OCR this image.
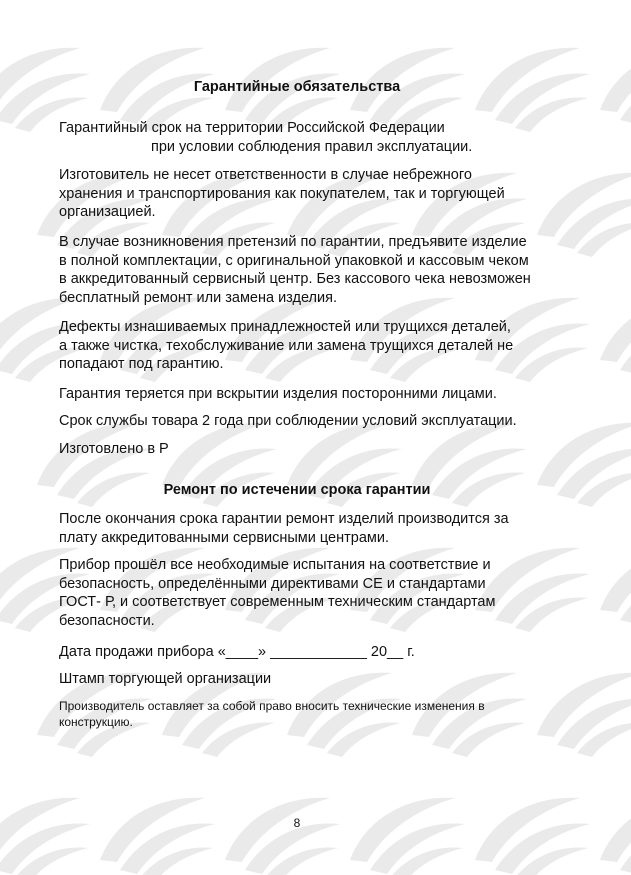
Гарантийные обязательства

Гарантийный срок на территории Российской Федерации
при условии соблюдения правил эксплуатации.

Изготовитель не несет ответственности в случае небрежного
хранения и транспортирования как покупателем, так и торгующей
организацией.

В случае возникновения претензий по гарантии, предъявите изделие
в полной комплектации, с оригинальной упаковкой и кассовым чеком
в аккредитованный сервисный центр. Без кассового чека невозможен
бесплатный ремонт или замена изделия.

Дефекты изнашиваемых принадлежностей или трущихся деталей,
а также чистка, техобслуживание или замена трущихся деталей не
попадают под гарантию.

Гарантия теряется при вскрытии изделия посторонними лицами.

Срок службы товара 2 года при соблюдении условий эксплуатации.

Изготовлено в Р

Ремонт по истечении срока гарантии

После окончания срока гарантии ремонт изделий производится за
плату аккредитованными сервисными центрами.

Прибор прошёл все необходимые испытания на соответствие и
безопасность, определёнными директивами СЕ и стандартами
ГОСТ- Р, и соответствует современным техническим стандартам
безопасности.

Дата продажи прибора «____» ____________ 20__ г.

Штамп торгующей организации

Производитель оставляет за собой право вносить технические изменения в
конструкцию.

8
